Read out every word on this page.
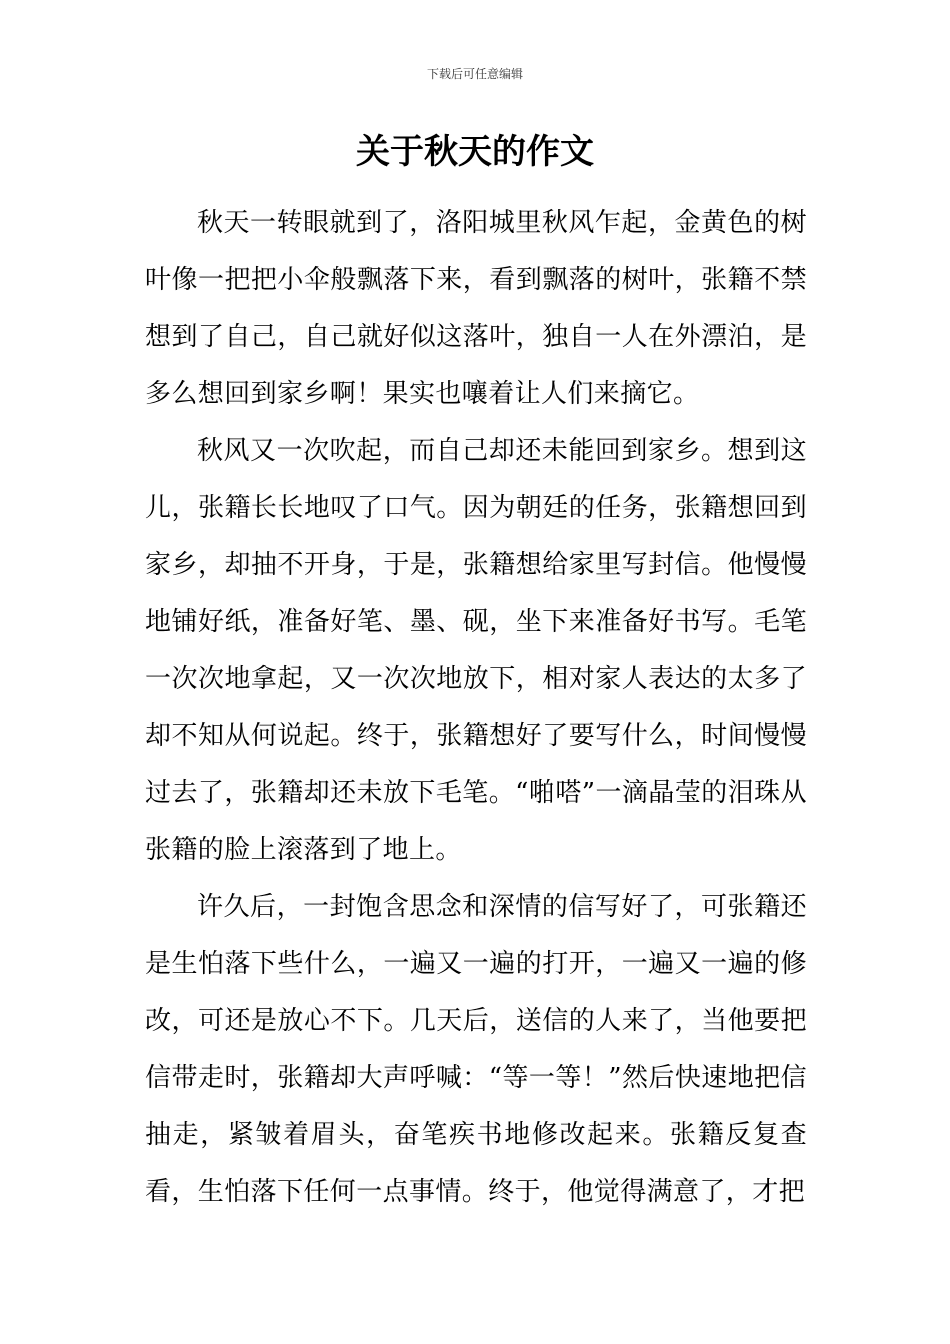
下载后可任意编辑
关于秋天的作文

秋天一转眼就到了，洛阳城里秋风乍起，金黄色的树叶像一把把小伞般飘落下来，看到飘落的树叶，张籍不禁想到了自己，自己就好似这落叶，独自一人在外漂泊，是多么想回到家乡啊！果实也嚷着让人们来摘它。

秋风又一次吹起，而自己却还未能回到家乡。想到这儿，张籍长长地叹了口气。因为朝廷的任务，张籍想回到家乡，却抽不开身，于是，张籍想给家里写封信。他慢慢地铺好纸，准备好笔、墨、砚，坐下来准备好书写。毛笔一次次地拿起，又一次次地放下，相对家人表达的太多了却不知从何说起。终于，张籍想好了要写什么，时间慢慢过去了，张籍却还未放下毛笔。“啪嗒”一滴晶莹的泪珠从张籍的脸上滚落到了地上。

许久后，一封饱含思念和深情的信写好了，可张籍还是生怕落下些什么，一遍又一遍的打开，一遍又一遍的修改，可还是放心不下。几天后，送信的人来了，当他要把信带走时，张籍却大声呼喊：“等一等！”然后快速地把信抽走，紧皱着眉头，奋笔疾书地修改起来。张籍反复查看，生怕落下任何一点事情。终于，他觉得满意了，才把
